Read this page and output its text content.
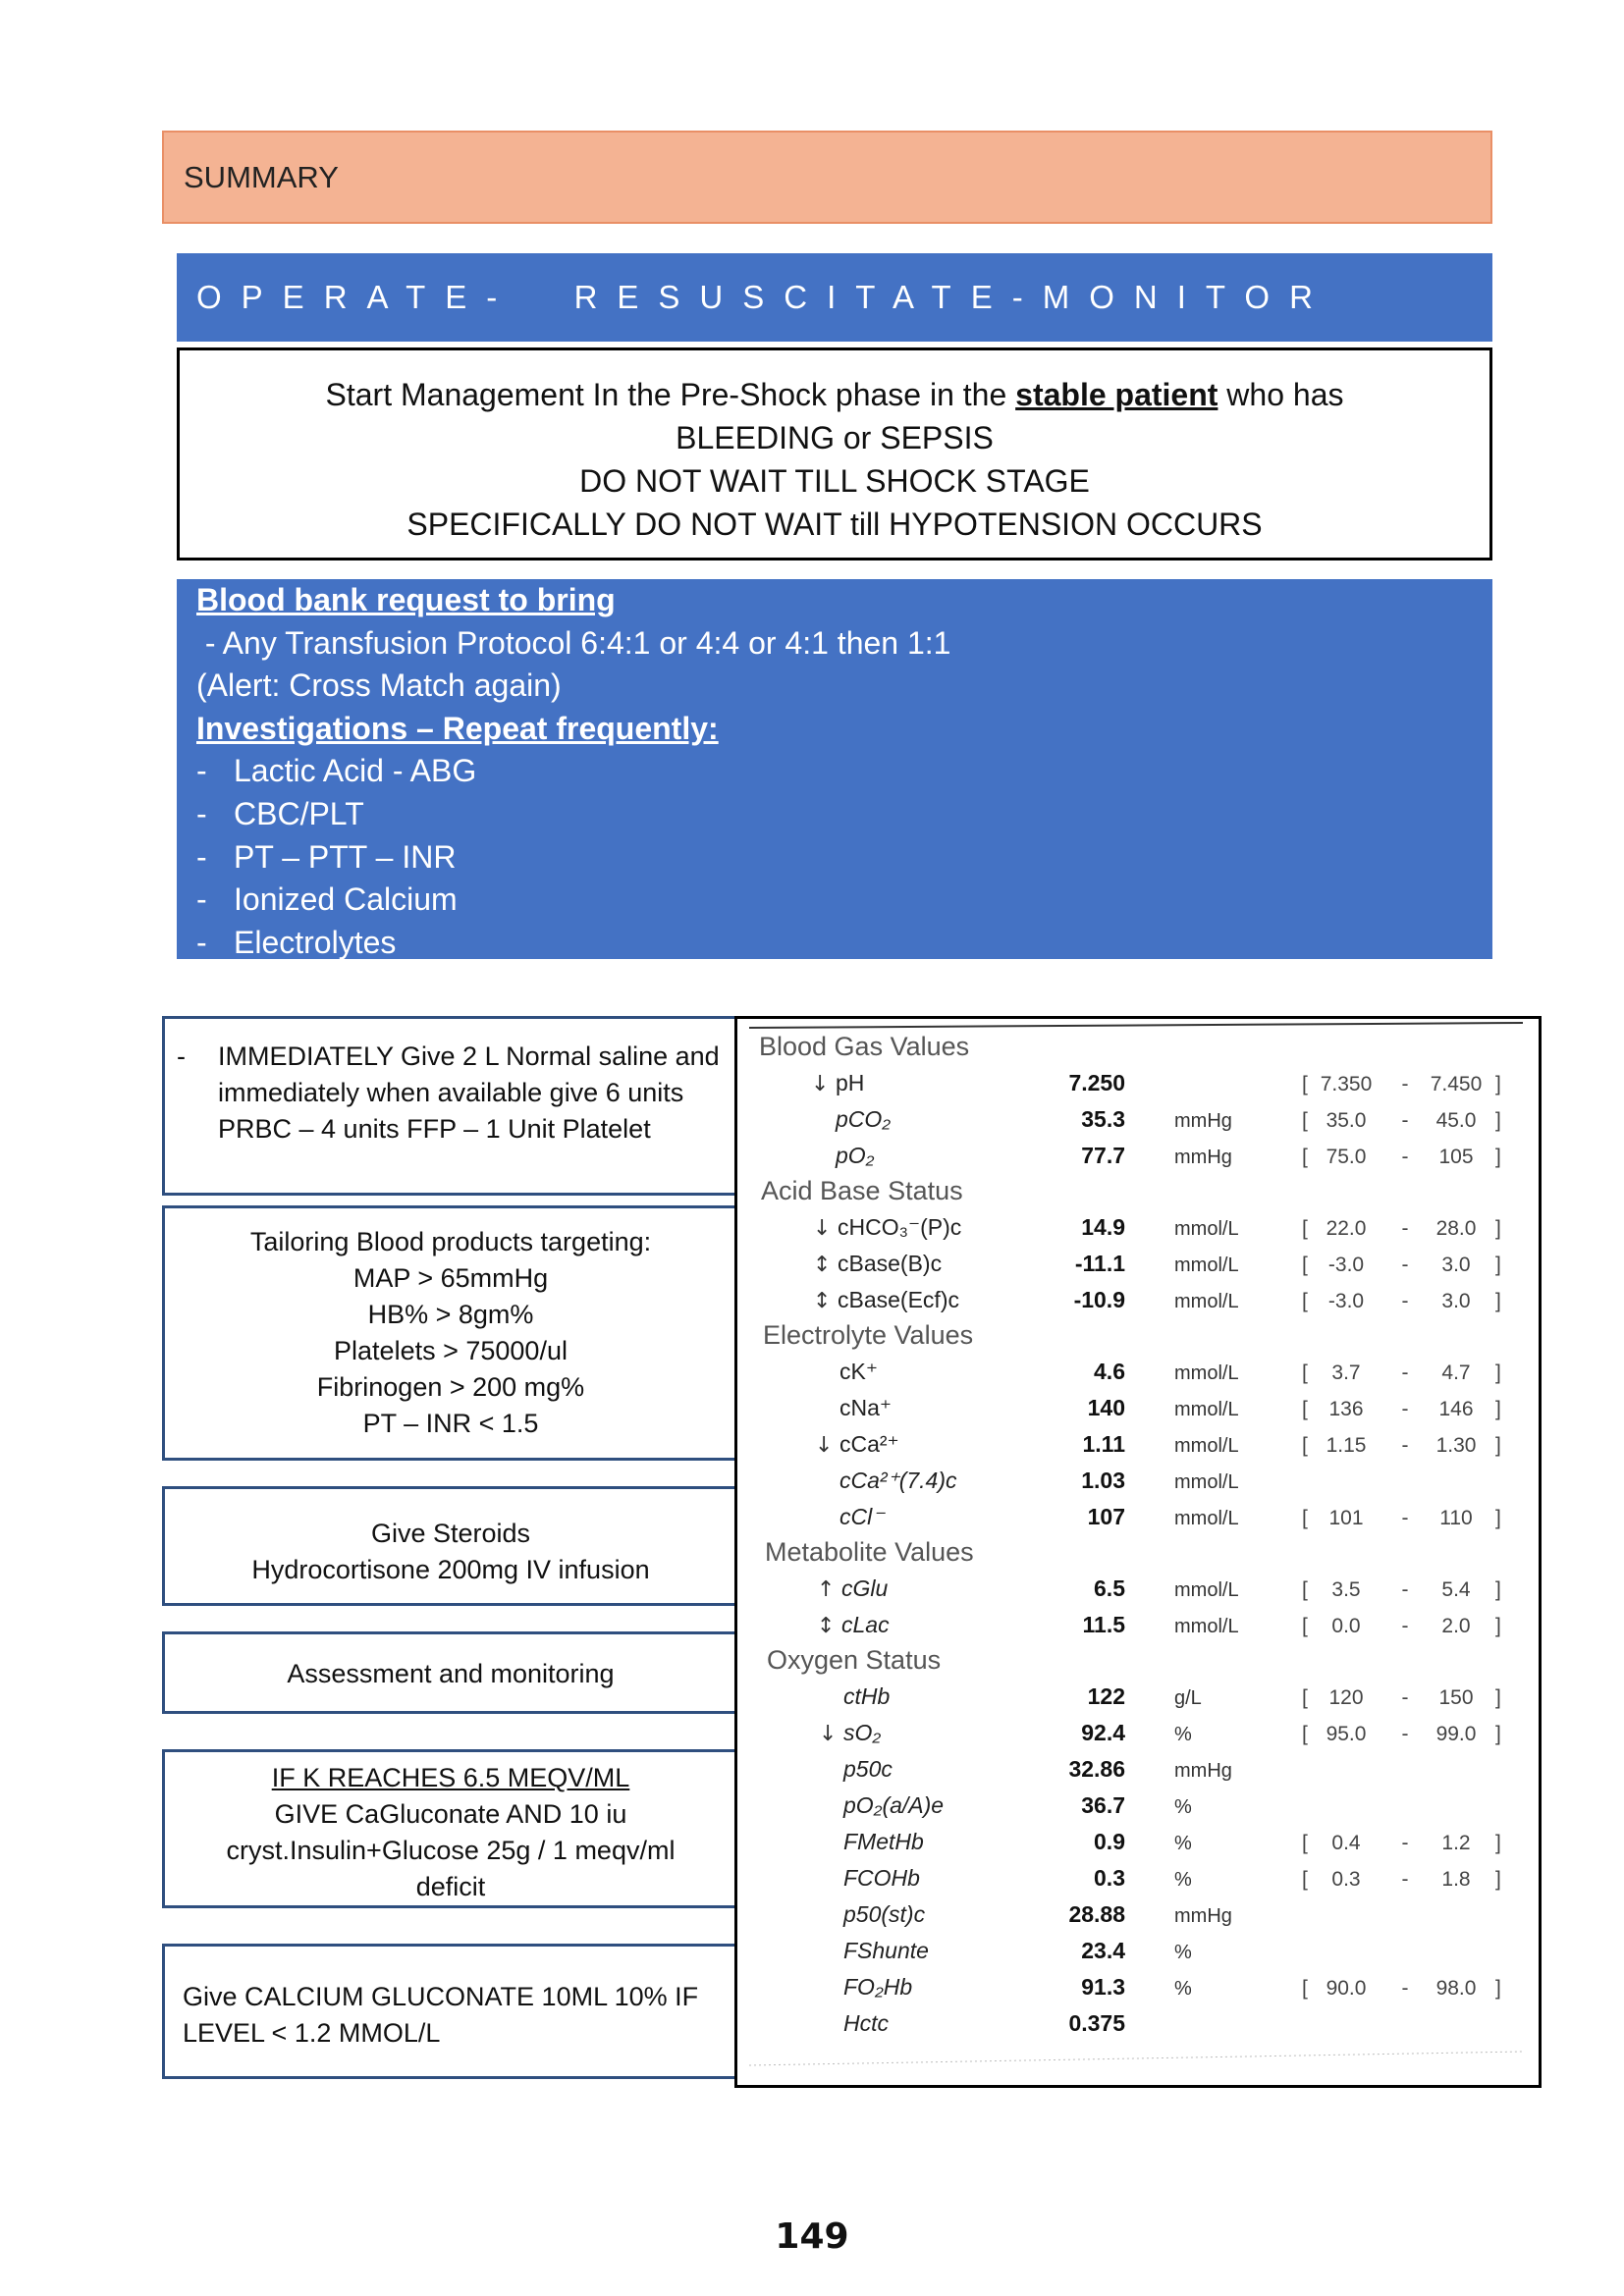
SUMMARY
OPERATE-  RESUSCITATE-MONITOR
Start Management In the Pre-Shock phase in the stable patient who has
BLEEDING or SEPSIS
DO NOT WAIT TILL SHOCK STAGE
SPECIFICALLY DO NOT WAIT till HYPOTENSION OCCURS
Blood bank request to bring
- Any Transfusion Protocol 6:4:1 or 4:4 or 4:1 then 1:1
(Alert: Cross Match again)
Investigations – Repeat frequently:
- Lactic Acid - ABG
- CBC/PLT
- PT – PTT – INR
- Ionized Calcium
- Electrolytes
-	IMMEDIATELY Give 2 L Normal saline and immediately when available give 6 units PRBC – 4 units FFP – 1 Unit Platelet
Tailoring Blood products targeting:
MAP > 65mmHg
HB% > 8gm%
Platelets > 75000/ul
Fibrinogen > 200 mg%
PT – INR < 1.5
Give Steroids
Hydrocortisone 200mg IV infusion
Assessment and monitoring
IF K REACHES 6.5 MEQV/ML
GIVE CaGluconate AND 10 iu
cryst.Insulin+Glucose 25g / 1 meqv/ml
deficit
Give CALCIUM GLUCONATE 10ML 10% IF LEVEL < 1.2 MMOL/L
Blood Gas Values
↓ pH	7.250	[ 7.350 - 7.450 ]
pCO₂	35.3	mmHg	[ 35.0 - 45.0 ]
pO₂	77.7	mmHg	[ 75.0 - 105 ]
Acid Base Status
↓ cHCO₃⁻(P)c	14.9	mmol/L	[ 22.0 - 28.0 ]
↕ cBase(B)c	-11.1	mmol/L	[ -3.0 - 3.0 ]
↕ cBase(Ecf)c	-10.9	mmol/L	[ -3.0 - 3.0 ]
Electrolyte Values
cK⁺	4.6	mmol/L	[ 3.7 - 4.7 ]
cNa⁺	140	mmol/L	[ 136 - 146 ]
↓ cCa²⁺	1.11	mmol/L	[ 1.15 - 1.30 ]
cCa²⁺(7.4)c	1.03	mmol/L
cCl⁻	107	mmol/L	[ 101 - 110 ]
Metabolite Values
↑ cGlu	6.5	mmol/L	[ 3.5 - 5.4 ]
↕ cLac	11.5	mmol/L	[ 0.0 - 2.0 ]
Oxygen Status
ctHb	122	g/L	[ 120 - 150 ]
↓ sO₂	92.4	%	[ 95.0 - 99.0 ]
p50c	32.86	mmHg
pO₂(a/A)e	36.7	%
FMetHb	0.9	%	[ 0.4 - 1.2 ]
FCOHb	0.3	%	[ 0.3 - 1.8 ]
p50(st)c	28.88	mmHg
FShunte	23.4	%
FO₂Hb	91.3	%	[ 90.0 - 98.0 ]
Hctc	0.375
149
